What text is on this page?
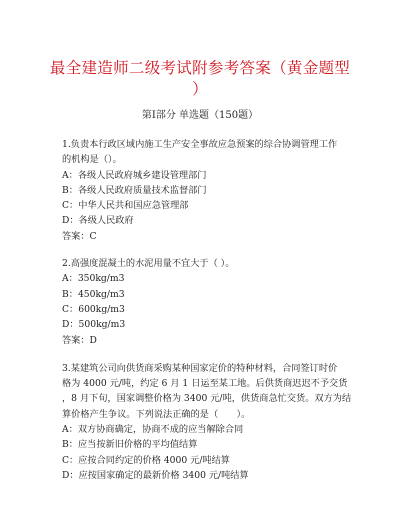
最全建造师二级考试附参考答案（黄金题型
）
第Ⅰ部分 单选题（150题）
1.负责本行政区域内施工生产安全事故应急预案的综合协调管理工作
的机构是（）。
A：各级人民政府城乡建设管理部门
B：各级人民政府质量技术监督部门
C：中华人民共和国应急管理部
D：各级人民政府
答案：C
2.高强度混凝土的水泥用量不宜大于（ ）。
A：350kg/m3
B：450kg/m3
C：600kg/m3
D：500kg/m3
答案：D
3.某建筑公司向供货商采购某种国家定价的特种材料，合同签订时价
格为 4000 元/吨，约定 6 月 1 日运至某工地。后供货商迟迟不予交货
，8 月下旬，国家调整价格为 3400 元/吨，供货商急忙交货。双方为结
算价格产生争议。下列说法正确的是（　　）。
A：双方协商确定，协商不成的应当解除合同
B：应当按新旧价格的平均值结算
C：应按合同约定的价格 4000 元/吨结算
D：应按国家确定的最新价格 3400 元/吨结算
